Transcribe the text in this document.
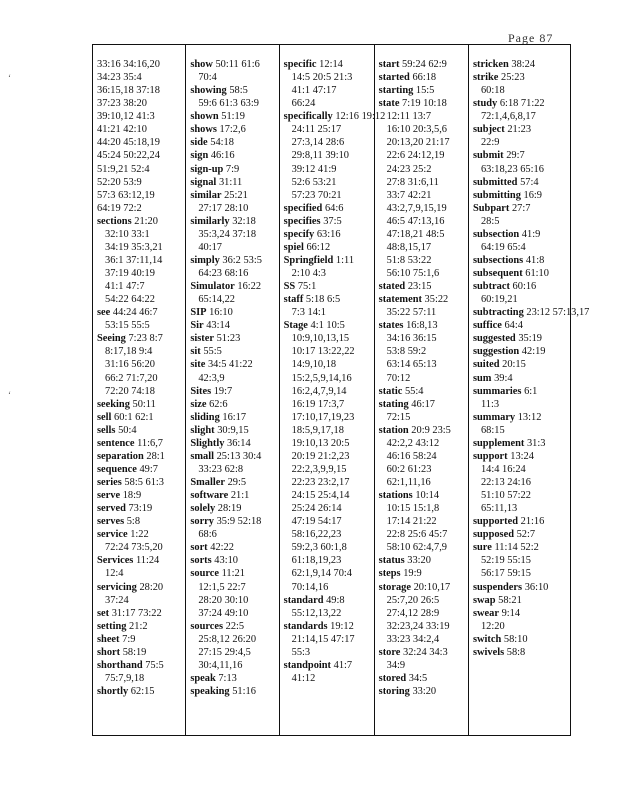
Page 87
‘
‘
33:16 34:16,20
34:23 35:4
36:15,18 37:18
37:23 38:20
39:10,12 41:3
41:21 42:10
44:20 45:18,19
45:24 50:22,24
51:9,21 52:4
52:20 53:9
57:3 63:12,19
64:19 72:2
sections 21:20
32:10 33:1
34:19 35:3,21
36:1 37:11,14
37:19 40:19
41:1 47:7
54:22 64:22
see 44:24 46:7
53:15 55:5
Seeing 7:23 8:7
8:17,18 9:4
31:16 56:20
66:2 71:7,20
72:20 74:18
seeking 50:11
sell 60:1 62:1
sells 50:4
sentence 11:6,7
separation 28:1
sequence 49:7
series 58:5 61:3
serve 18:9
served 73:19
serves 5:8
service 1:22
72:24 73:5,20
Services 11:24
12:4
servicing 28:20
37:24
set 31:17 73:22
setting 21:2
sheet 7:9
short 58:19
shorthand 75:5
75:7,9,18
shortly 62:15
show 50:11 61:6
70:4
showing 58:5
59:6 61:3 63:9
shown 51:19
shows 17:2,6
side 54:18
sign 46:16
sign-up 7:9
signal 31:11
similar 25:21
27:17 28:10
similarly 32:18
35:3,24 37:18
40:17
simply 36:2 53:5
64:23 68:16
Simulator 16:22
65:14,22
SIP 16:10
Sir 43:14
sister 51:23
sit 55:5
site 34:5 41:22
42:3,9
Sites 19:7
size 62:6
sliding 16:17
slight 30:9,15
Slightly 36:14
small 25:13 30:4
33:23 62:8
Smaller 29:5
software 21:1
solely 28:19
sorry 35:9 52:18
68:6
sort 42:22
sorts 43:10
source 11:21
12:1,5 22:7
28:20 30:10
37:24 49:10
sources 22:5
25:8,12 26:20
27:15 29:4,5
30:4,11,16
speak 7:13
speaking 51:16
specific 12:14
14:5 20:5 21:3
41:1 47:17
66:24
specifically 12:16 19:12
24:11 25:17
27:3,14 28:6
29:8,11 39:10
39:12 41:9
52:6 53:21
57:23 70:21
specified 64:6
specifies 37:5
specify 63:16
spiel 66:12
Springfield 1:11
2:10 4:3
SS 75:1
staff 5:18 6:5
7:3 14:1
Stage 4:1 10:5
10:9,10,13,15
10:17 13:22,22
14:9,10,18
15:2,5,9,14,16
16:2,4,7,9,14
16:19 17:3,7
17:10,17,19,23
18:5,9,17,18
19:10,13 20:5
20:19 21:2,23
22:2,3,9,9,15
22:23 23:2,17
24:15 25:4,14
25:24 26:14
47:19 54:17
58:16,22,23
59:2,3 60:1,8
61:18,19,23
62:1,9,14 70:4
70:14,16
standard 49:8
55:12,13,22
standards 19:12
21:14,15 47:17
55:3
standpoint 41:7
41:12
start 59:24 62:9
started 66:18
starting 15:5
state 7:19 10:18
12:11 13:7
16:10 20:3,5,6
20:13,20 21:17
22:6 24:12,19
24:23 25:2
27:8 31:6,11
33:7 42:21
43:2,7,9,15,19
46:5 47:13,16
47:18,21 48:5
48:8,15,17
51:8 53:22
56:10 75:1,6
stated 23:15
statement 35:22
35:22 57:11
states 16:8,13
34:16 36:15
53:8 59:2
63:14 65:13
70:12
static 55:4
stating 46:17
72:15
station 20:9 23:5
42:2,2 43:12
46:16 58:24
60:2 61:23
62:1,11,16
stations 10:14
10:15 15:1,8
17:14 21:22
22:8 25:6 45:7
58:10 62:4,7,9
status 33:20
steps 19:9
storage 20:10,17
25:7,20 26:5
27:4,12 28:9
32:23,24 33:19
33:23 34:2,4
store 32:24 34:3
34:9
stored 34:5
storing 33:20
stricken 38:24
strike 25:23
60:18
study 6:18 71:22
72:1,4,6,8,17
subject 21:23
22:9
submit 29:7
63:18,23 65:16
submitted 57:4
submitting 16:9
Subpart 27:7
28:5
subsection 41:9
64:19 65:4
subsections 41:8
subsequent 61:10
subtract 60:16
60:19,21
subtracting 23:12 57:13,17
suffice 64:4
suggested 35:19
suggestion 42:19
suited 20:15
sum 39:4
summaries 6:1
11:3
summary 13:12
68:15
supplement 31:3
support 13:24
14:4 16:24
22:13 24:16
51:10 57:22
65:11,13
supported 21:16
supposed 52:7
sure 11:14 52:2
52:19 55:15
56:17 59:15
suspenders 36:10
swap 58:21
swear 9:14
12:20
switch 58:10
swivels 58:8
